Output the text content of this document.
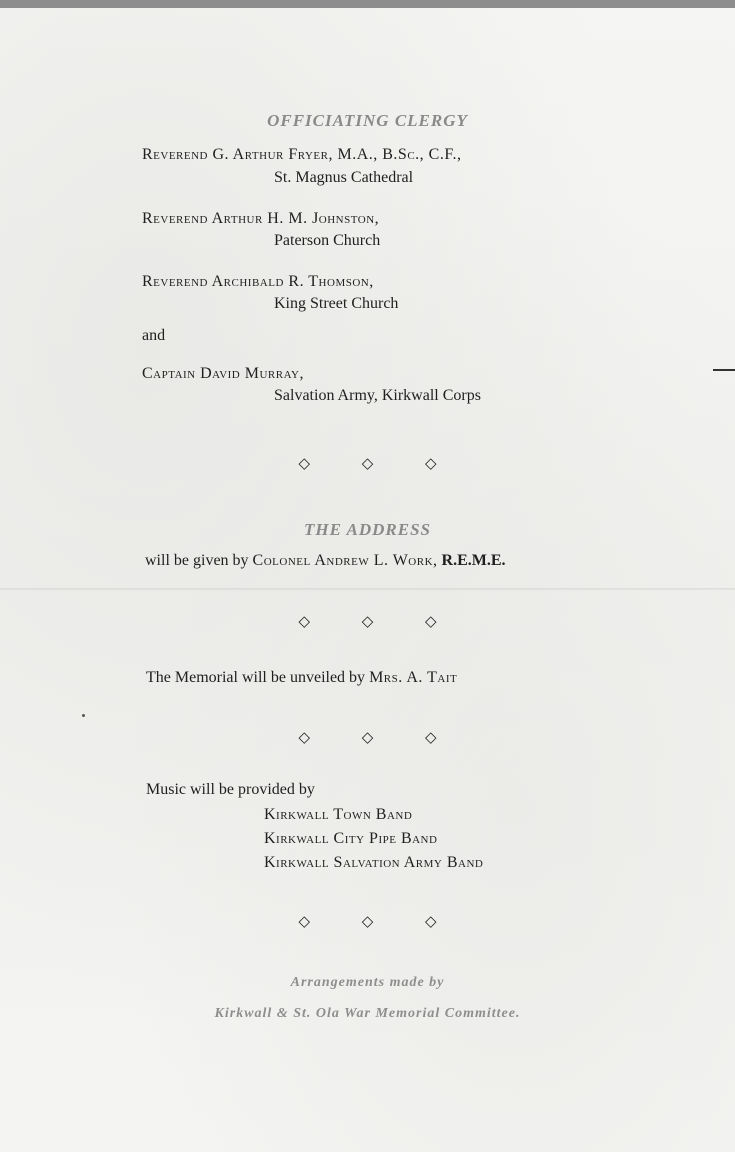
OFFICIATING CLERGY
Reverend G. Arthur Fryer, M.A., B.Sc., C.F.,
St. Magnus Cathedral
Reverend Arthur H. M. Johnston,
Paterson Church
Reverend Archibald R. Thomson,
King Street Church
and
Captain David Murray,
Salvation Army, Kirkwall Corps
◇ ◇ ◇
THE ADDRESS
will be given by Colonel Andrew L. Work, R.E.M.E.
◇ ◇ ◇
The Memorial will be unveiled by Mrs. A. Tait
◇ ◇ ◇
Music will be provided by
Kirkwall Town Band
Kirkwall City Pipe Band
Kirkwall Salvation Army Band
◇ ◇ ◇
Arrangements made by
Kirkwall & St. Ola War Memorial Committee.
